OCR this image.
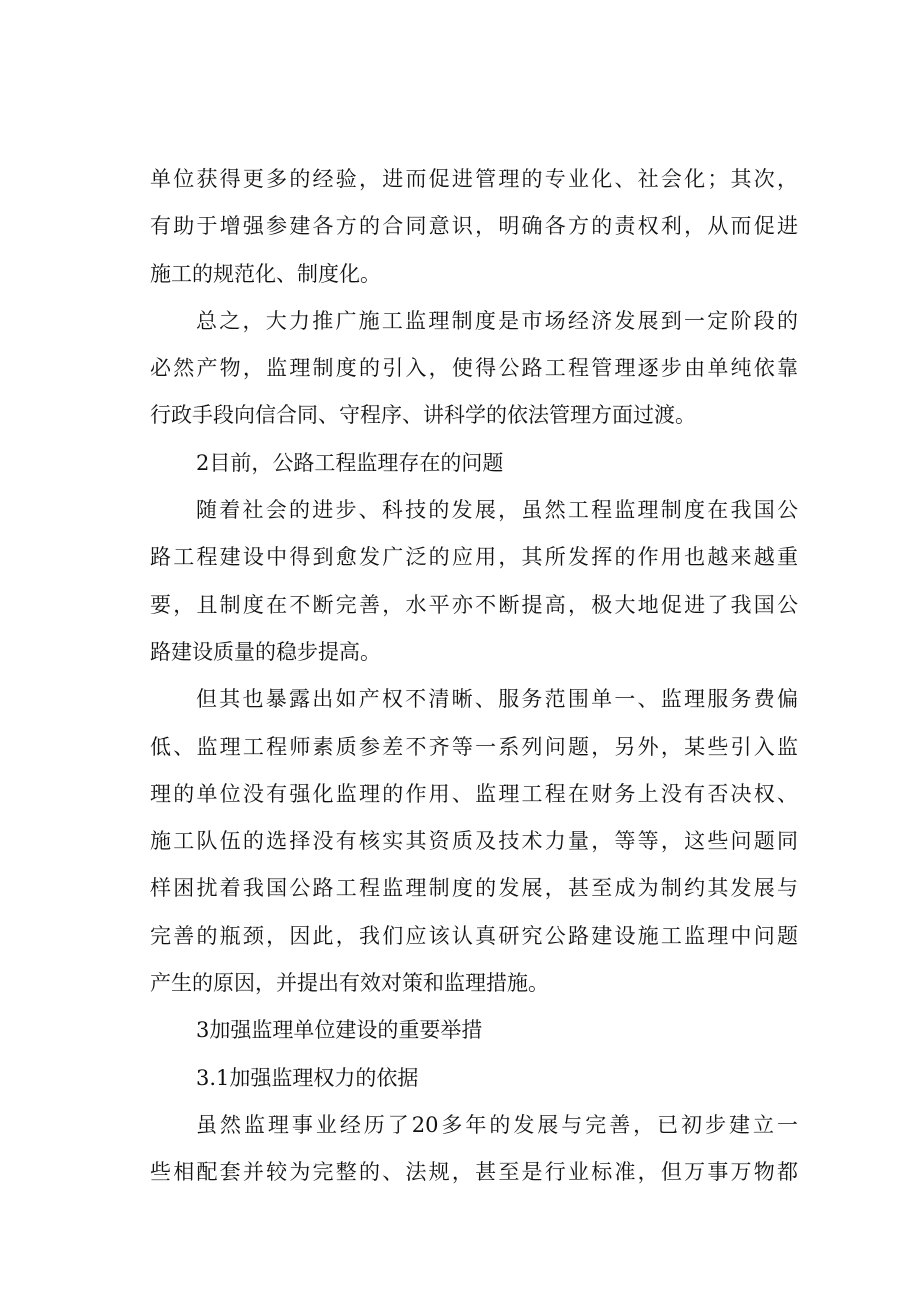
单位获得更多的经验，进而促进管理的专业化、社会化；其次，
有助于增强参建各方的合同意识，明确各方的责权利，从而促进
施工的规范化、制度化。
总之，大力推广施工监理制度是市场经济发展到一定阶段的
必然产物，监理制度的引入，使得公路工程管理逐步由单纯依靠
行政手段向信合同、守程序、讲科学的依法管理方面过渡。
2目前，公路工程监理存在的问题
随着社会的进步、科技的发展，虽然工程监理制度在我国公
路工程建设中得到愈发广泛的应用，其所发挥的作用也越来越重
要，且制度在不断完善，水平亦不断提高，极大地促进了我国公
路建设质量的稳步提高。
但其也暴露出如产权不清晰、服务范围单一、监理服务费偏
低、监理工程师素质参差不齐等一系列问题，另外，某些引入监
理的单位没有强化监理的作用、监理工程在财务上没有否决权、
施工队伍的选择没有核实其资质及技术力量，等等，这些问题同
样困扰着我国公路工程监理制度的发展，甚至成为制约其发展与
完善的瓶颈，因此，我们应该认真研究公路建设施工监理中问题
产生的原因，并提出有效对策和监理措施。
3加强监理单位建设的重要举措
3.1加强监理权力的依据
虽然监理事业经历了20多年的发展与完善，已初步建立一
些相配套并较为完整的、法规，甚至是行业标准，但万事万物都
